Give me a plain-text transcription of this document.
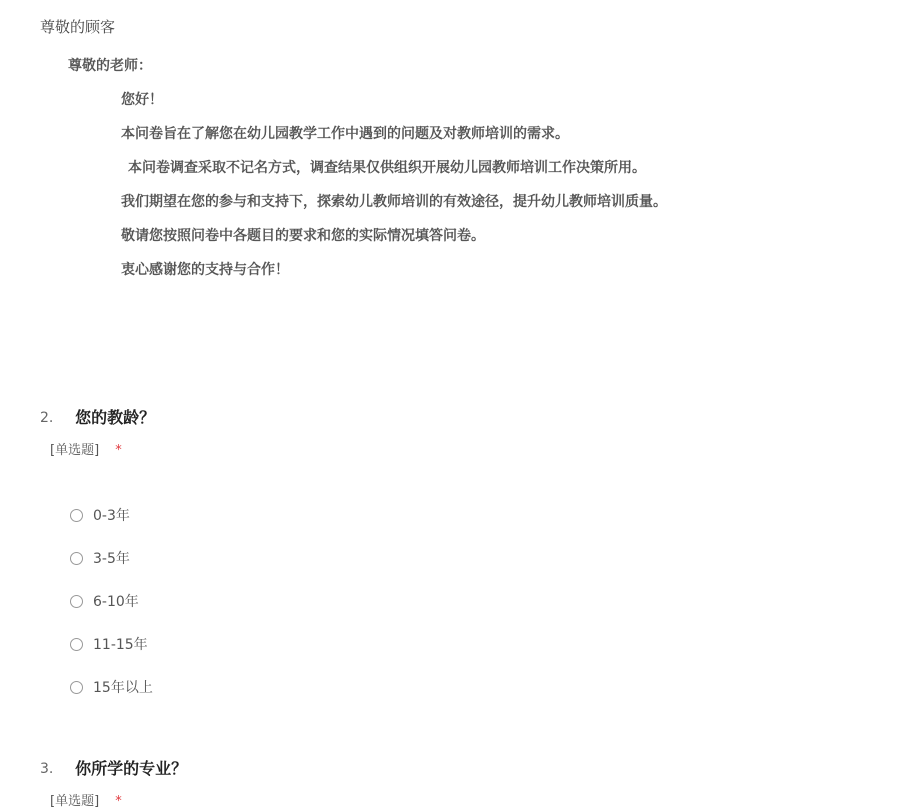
尊敬的顾客
尊敬的老师：
您好！
本问卷旨在了解您在幼儿园教学工作中遇到的问题及对教师培训的需求。
本问卷调查采取不记名方式，调查结果仅供组织开展幼儿园教师培训工作决策所用。
我们期望在您的参与和支持下，探索幼儿教师培训的有效途径，提升幼儿教师培训质量。
敬请您按照问卷中各题目的要求和您的实际情况填答问卷。
衷心感谢您的支持与合作！
2. 您的教龄？
[单选题] *
0-3年
3-5年
6-10年
11-15年
15年以上
3. 你所学的专业？
[单选题] *
